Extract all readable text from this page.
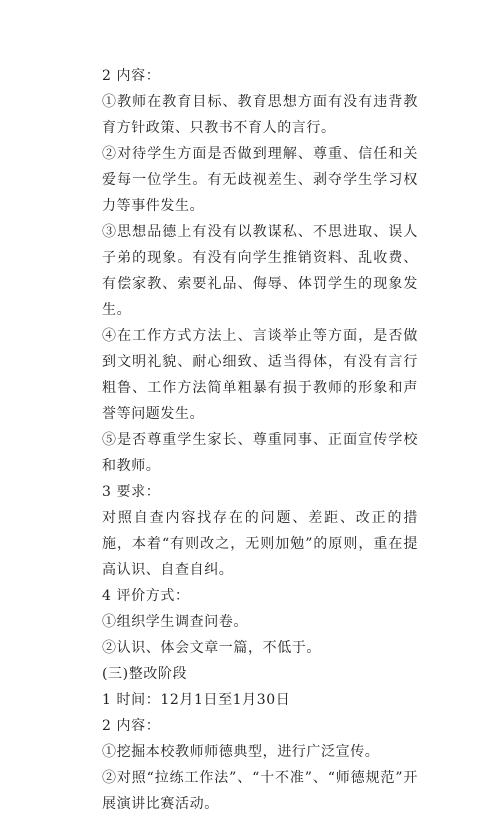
2 内容：

①教师在教育目标、教育思想方面有没有违背教育方针政策、只教书不育人的言行。

②对待学生方面是否做到理解、尊重、信任和关爱每一位学生。有无歧视差生、剥夺学生学习权力等事件发生。

③思想品德上有没有以教谋私、不思进取、误人子弟的现象。有没有向学生推销资料、乱收费、有偿家教、索要礼品、侮辱、体罚学生的现象发生。

④在工作方式方法上、言谈举止等方面，是否做到文明礼貌、耐心细致、适当得体，有没有言行粗鲁、工作方法简单粗暴有损于教师的形象和声誉等问题发生。

⑤是否尊重学生家长、尊重同事、正面宣传学校和教师。

3 要求：

对照自查内容找存在的问题、差距、改正的措施，本着“有则改之，无则加勉”的原则，重在提高认识、自查自纠。

4 评价方式：

①组织学生调查问卷。

②认识、体会文章一篇，不低于。

(三)整改阶段

1 时间：12月1日至1月30日

2 内容：

①挖掘本校教师师德典型，进行广泛宣传。

②对照“拉练工作法”、“十不准”、“师德规范”开展演讲比赛活动。
